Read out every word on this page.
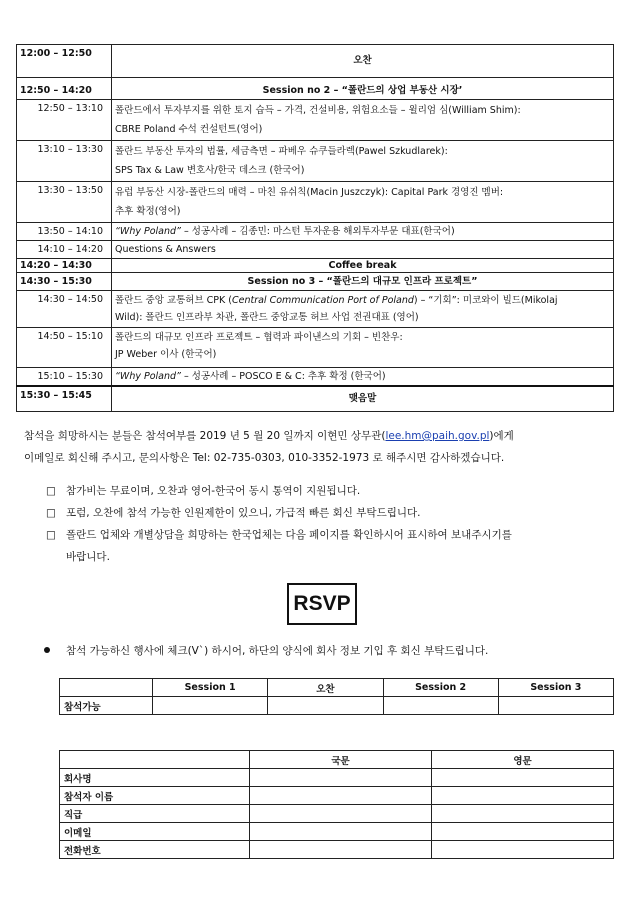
12:00 – 12:50	오찬
12:50 – 14:20	Session no 2 – “폴란드의 상업 부동산 시장’
12:50 – 13:10	폴란드에서 투자부지를 위한 토지 습득 – 가격, 건설비용, 위험요소들 – 윌리엄 심(William Shim):
CBRE Poland 수석 컨설턴트(영어)

13:10 – 13:30	폴란드 부동산 투자의 법률, 세금측면 – 파베우 슈쿠들라렉(Pawel Szkudlarek):
SPS Tax & Law 변호사/한국 데스크 (한국어)

13:30 – 13:50	유럽 부동산 시장-폴란드의 매력 – 마친 유쉬칙(Macin Juszczyk): Capital Park 경영진 멤버:
추후 확정(영어)

13:50 – 14:10	“Why Poland” – 성공사례 – 김종민: 마스턴 투자운용 해외투자부문 대표(한국어)
14:10 – 14:20	Questions & Answers
14:20 – 14:30	Coffee break
14:30 – 15:30	Session no 3 – “폴란드의 대규모 인프라 프로젝트”
14:30 – 14:50	폴란드 중앙 교통허브 CPK (Central Communication Port of Poland) – “기회”: 미코와이 빌드(Mikolaj
Wild): 폴란드 인프라부 차관, 폴란드 중앙교통 허브 사업 전권대표 (영어)

14:50 – 15:10	폴란드의 대규모 인프라 프로젝트 – 협력과 파이낸스의 기회 – 빈찬우:
JP Weber 이사 (한국어)

15:10 – 15:30	“Why Poland” – 성공사례 – POSCO E & C: 추후 확정 (한국어)
15:30 – 15:45	맺음말
참석을 희망하시는 분들은 참석여부를 2019 년 5 월 20 일까지 이현민 상무관(lee.hm@paih.gov.pl)에게
이메일로 회신해 주시고, 문의사항은 Tel: 02-735-0303, 010-3352-1973 로 해주시면 감사하겠습니다.
□ 참가비는 무료이며, 오찬과 영어-한국어 동시 통역이 지원됩니다.
□ 포럼, 오찬에 참석 가능한 인원제한이 있으니, 가급적 빠른 회신 부탁드립니다.
□ 폴란드 업체와 개별상담을 희망하는 한국업체는 다음 페이지를 확인하시어 표시하여 보내주시기를
바랍니다.
RSVP
참석 가능하신 행사에 체크(V`) 하시어, 하단의 양식에 회사 정보 기입 후 회신 부탁드립니다.
	Session 1	오찬	Session 2	Session 3
참석가능				
	국문	영문
회사명		
참석자 이름		
직급		
이메일		
전화번호		
